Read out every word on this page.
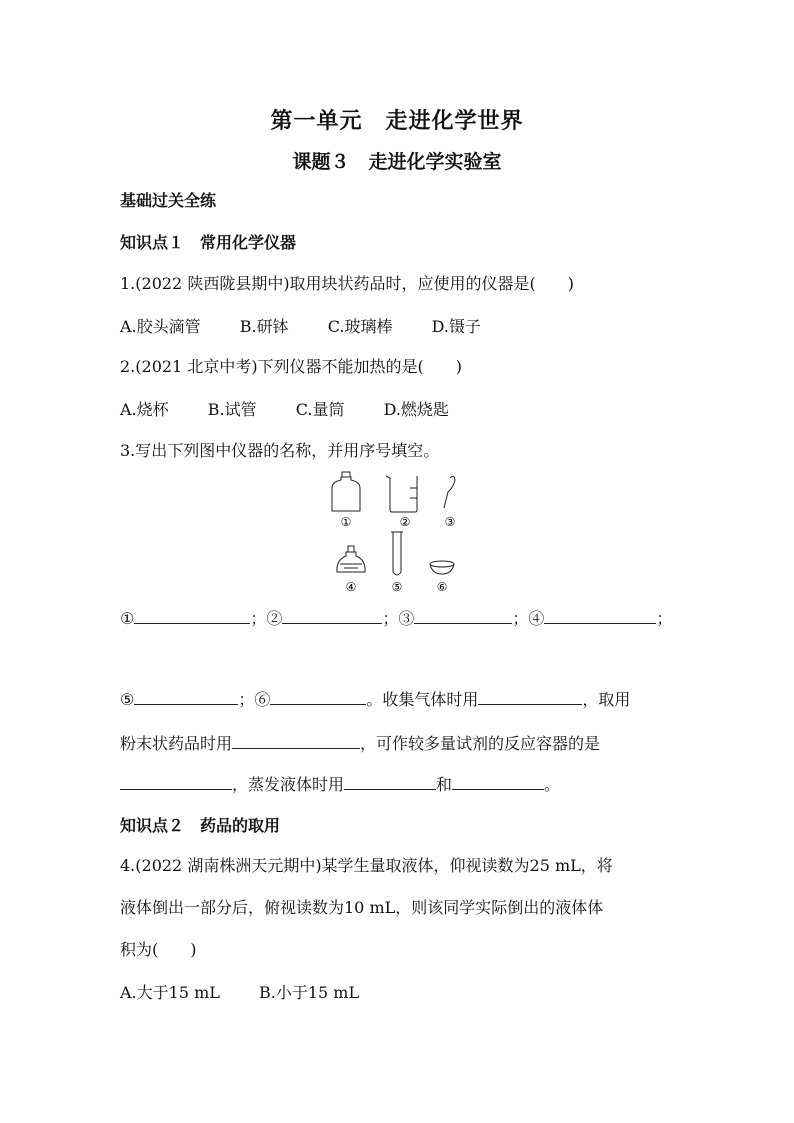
第一单元　走进化学世界
课题３　走进化学实验室
基础过关全练
知识点１　常用化学仪器
1.(2022 陕西陇县期中)取用块状药品时，应使用的仪器是(　　)
A.胶头滴管 B.研钵 C.玻璃棒 D.镊子
2.(2021 北京中考)下列仪器不能加热的是(　　)
A.烧杯 B.试管 C.量筒 D.燃烧匙
3.写出下列图中仪器的名称，并用序号填空。
①	②	③
④	⑤	⑥
①	；②	；③	；④	；
⑤	；⑥	。收集气体时用	，取用
粉末状药品时用	，可作较多量试剂的反应容器的是
，蒸发液体时用	和	。
知识点２　药品的取用
4.(2022 湖南株洲天元期中)某学生量取液体，仰视读数为25 mL，将
液体倒出一部分后，俯视读数为10 mL，则该同学实际倒出的液体体
积为(　　)
A.大于15 mL B.小于15 mL
